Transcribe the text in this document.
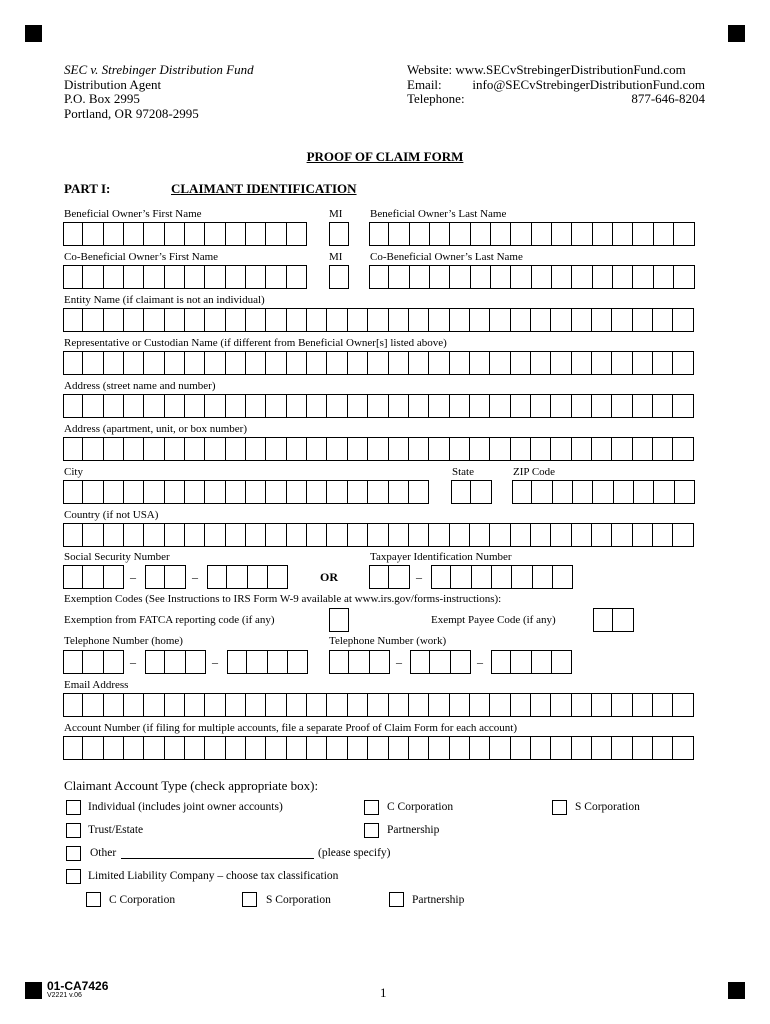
SEC v. Strebinger Distribution Fund
Distribution Agent
P.O. Box 2995
Portland, OR 97208-2995
Website: www.SECvStrebingerDistributionFund.com
Email: info@SECvStrebingerDistributionFund.com
Telephone:	877-646-8204
PROOF OF CLAIM FORM
PART I:	CLAIMANT IDENTIFICATION
Beneficial Owner’s First Name	MI	Beneficial Owner’s Last Name
Co-Beneficial Owner’s First Name	MI	Co-Beneficial Owner’s Last Name
Entity Name (if claimant is not an individual)
Representative or Custodian Name (if different from Beneficial Owner[s] listed above)
Address (street name and number)
Address (apartment, unit, or box number)
City	State	ZIP Code
Country (if not USA)
Social Security Number	Taxpayer Identification Number
–	–	OR	–
Exemption Codes (See Instructions to IRS Form W-9 available at www.irs.gov/forms-instructions):
Exemption from FATCA reporting code (if any)	Exempt Payee Code (if any)
Telephone Number (home)	Telephone Number (work)
–	–	–	–
Email Address
Account Number (if filing for multiple accounts, file a separate Proof of Claim Form for each account)
Claimant Account Type (check appropriate box):
Individual (includes joint owner accounts)	C Corporation	S Corporation
Trust/Estate	Partnership
Other	(please specify)
Limited Liability Company – choose tax classification
C Corporation	S Corporation	Partnership
01-CA7426
V2221 v.06	1
